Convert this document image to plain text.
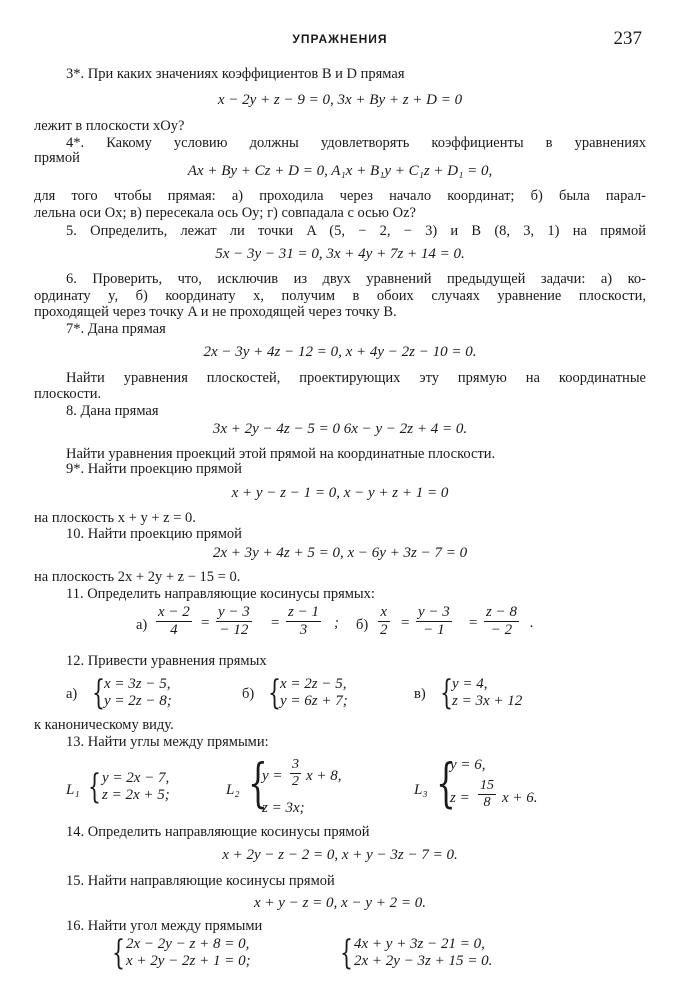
УПРАЖНЕНИЯ	237
3*. При каких значениях коэффициентов B и D прямая
x − 2y + z − 9 = 0, 3x + By + z + D = 0
лежит в плоскости xOy?
4*. Какому условию должны удовлетворять коэффициенты в уравнениях
прямой
Ax + By + Cz + D = 0, A₁x + B₁y + C₁z + D₁ = 0,
для того чтобы прямая: а) проходила через начало координат; б) была парал-
лельна оси Ox; в) пересекала ось Oy; г) совпадала с осью Oz?
5. Определить, лежат ли точки A (5, − 2, − 3) и B (8, 3, 1) на прямой
5x − 3y − 31 = 0, 3x + 4y + 7z + 14 = 0.
6. Проверить, что, исключив из двух уравнений предыдущей задачи: а) ко-
ординату y, б) координату x, получим в обоих случаях уравнение плоскости,
проходящей через точку A и не проходящей через точку B.
7*. Дана прямая
2x − 3y + 4z − 12 = 0, x + 4y − 2z − 10 = 0.
Найти уравнения плоскостей, проектирующих эту прямую на координатные
плоскости.
8. Дана прямая
3x + 2y − 4z − 5 = 0 6x − y − 2z + 4 = 0.
Найти уравнения проекций этой прямой на координатные плоскости.
9*. Найти проекцию прямой
x + y − z − 1 = 0, x − y + z + 1 = 0
на плоскость x + y + z = 0.
10. Найти проекцию прямой
2x + 3y + 4z + 5 = 0, x − 6y + 3z − 7 = 0
на плоскость 2x + 2y + z − 15 = 0.
11. Определить направляющие косинусы прямых:
$а) \frac{x - 2}{4} = \frac{y - 3}{- 12} = \frac{z - 1}{3}$ ; $б) \frac{x}{2} = \frac{y - 3}{- 1} = \frac{z - 8}{- 2}$ .
12. Привести уравнения прямых
а) { x = 3z − 5,
y = 2z − 8;	б) { x = 2z − 5,
y = 6z + 7;	в) { y = 4,
z = 3x + 12
к каноническому виду.
13. Найти углы между прямыми:
L₁ { y = 2x − 7,
z = 2x + 5;	L₂ {
$y = \frac{3}{2}$ x + 8,
z = 3x;
L₃ {
y = 6,
$z = \frac{15}{8}$ x + 6.
14. Определить направляющие косинусы прямой
x + 2y − z − 2 = 0, x + y − 3z − 7 = 0.
15. Найти направляющие косинусы прямой
x + y − z = 0, x − y + 2 = 0.
16. Найти угол между прямыми
{ 2x − 2y − z + 8 = 0,
x + 2y − 2z + 1 = 0;	{ 4x + y + 3z − 21 = 0,
2x + 2y − 3z + 15 = 0.
